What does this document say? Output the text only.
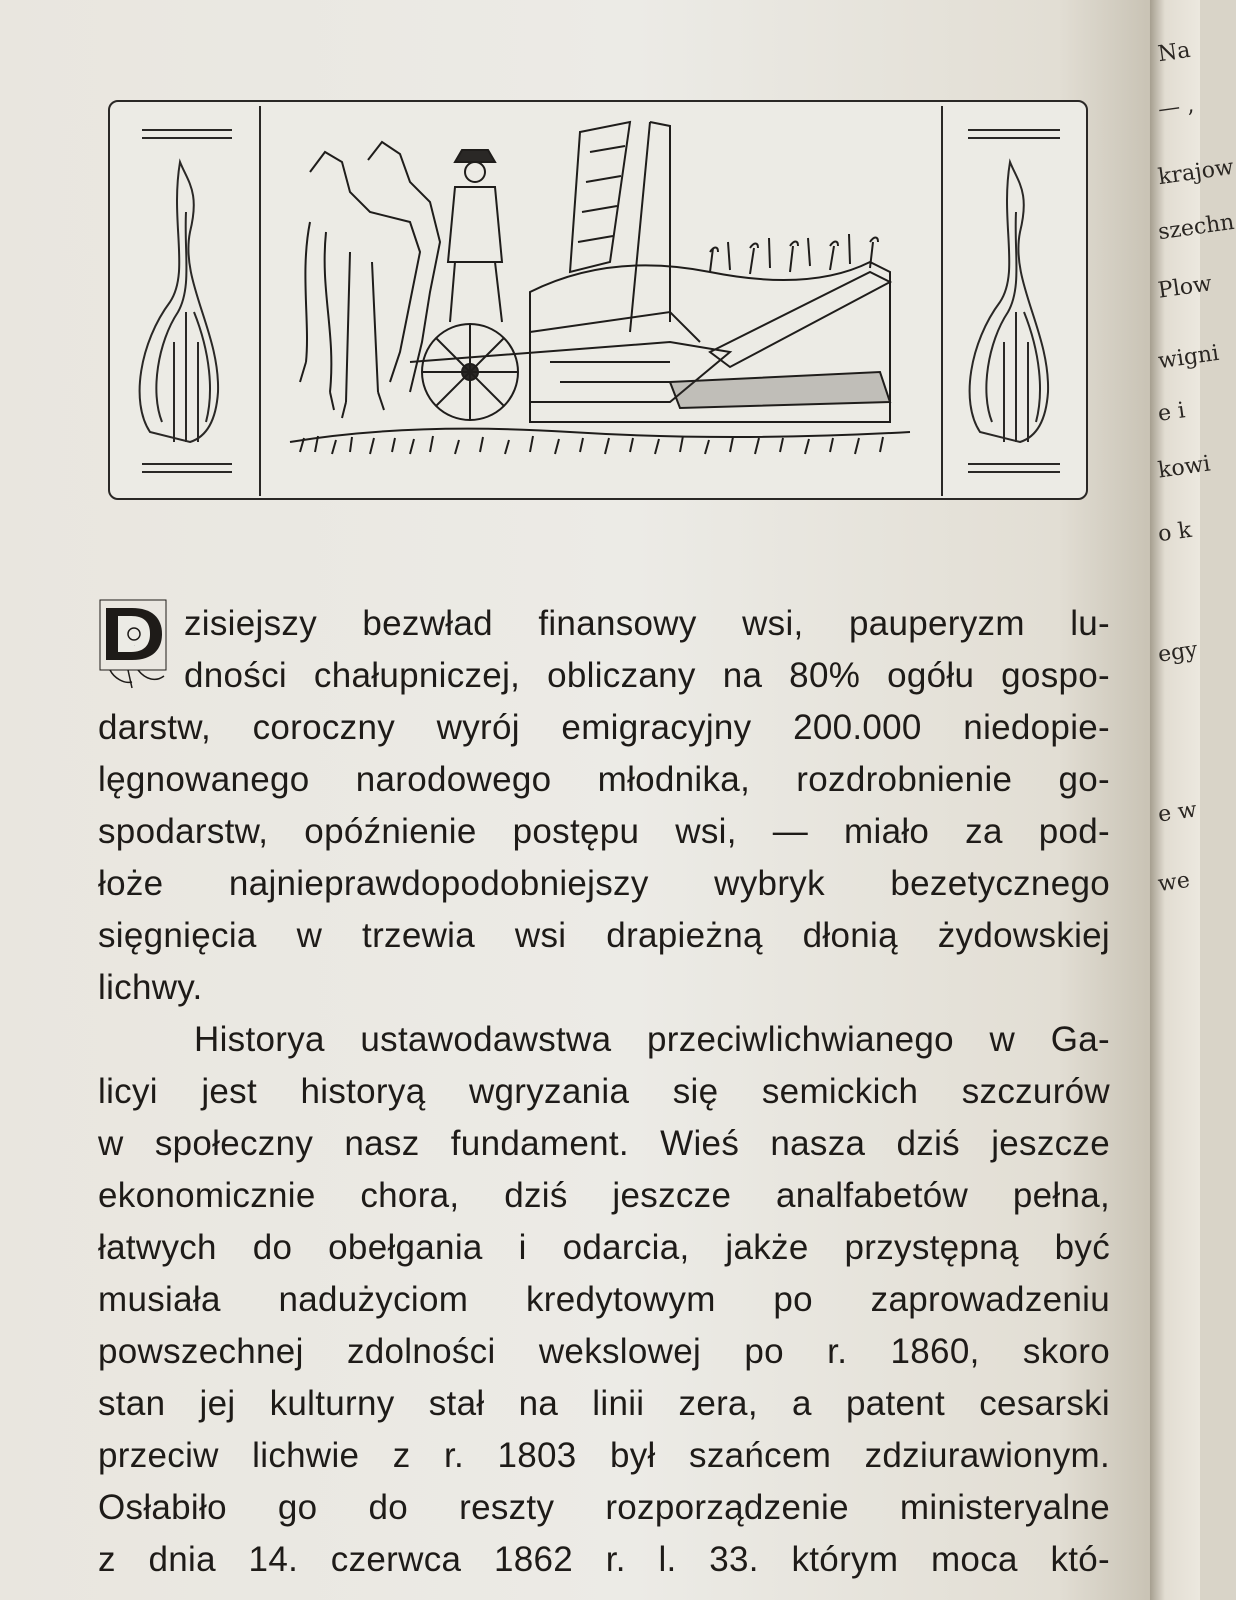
D
zisiejszy bezwład finansowy wsi, pauperyzm lu-
dności chałupniczej, obliczany na 80% ogółu gospo-
darstw, coroczny wyrój emigracyjny 200.000 niedopie-
lęgnowanego narodowego młodnika, rozdrobnienie go-
spodarstw, opóźnienie postępu wsi, — miało za pod-
łoże najnieprawdopodobniejszy wybryk bezetycznego
sięgnięcia w trzewia wsi drapieżną dłonią żydowskiej
lichwy.
Historya ustawodawstwa przeciwlichwianego w Ga-
licyi jest historyą wgryzania się semickich szczurów
w społeczny nasz fundament. Wieś nasza dziś jeszcze
ekonomicznie chora, dziś jeszcze analfabetów pełna,
łatwych do obełgania i odarcia, jakże przystępną być
musiała nadużyciom kredytowym po zaprowadzeniu
powszechnej zdolności wekslowej po r. 1860, skoro
stan jej kulturny stał na linii zera, a patent cesarski
przeciw lichwie z r. 1803 był szańcem zdziurawionym.
Osłabiło go do reszty rozporządzenie ministeryalne
z dnia 14. czerwca 1862 r. l. 33. którym moca któ-
Na
— ,
krajow
szechn
Plow
wigni
e i
kowi
o k
egy
e w
we
